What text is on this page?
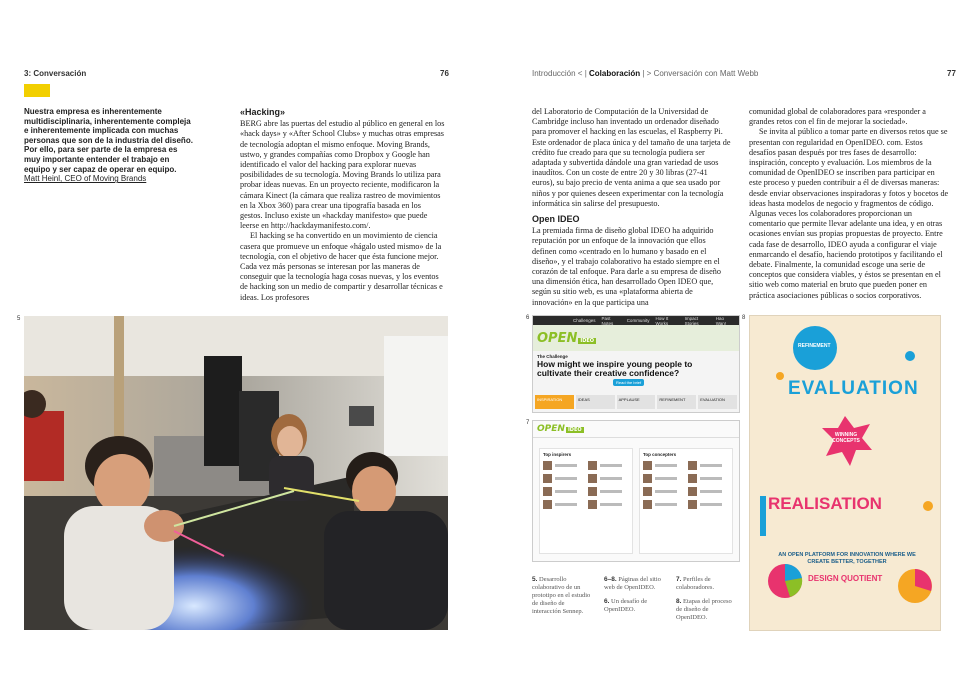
3: Conversación	76
Nuestra empresa es inherentemente multidisciplinaria, inherentemente compleja e inherentemente implicada con muchas personas que son de la industria del diseño. Por ello, para ser parte de la empresa es muy importante entender el trabajo en equipo y ser capaz de operar en equipo.
Matt Heinl, CEO of Moving Brands
«Hacking»

BERG abre las puertas del estudio al público en general en los «hack days» y «After School Clubs» y muchas otras empresas de tecnología adoptan el mismo enfoque. Moving Brands, ustwo, y grandes compañías como Dropbox y Google han identificado el valor del hacking para explorar nuevas posibilidades de su tecnología. Moving Brands lo utiliza para probar ideas nuevas. En un proyecto reciente, modificaron la cámara Kinect (la cámara que realiza rastreo de movimientos en la Xbox 360) para crear una tipografía basada en los gestos. Incluso existe un «hackday manifesto» que puede leerse en http://hackdaymanifesto.com/.

El hacking se ha convertido en un movimiento de ciencia casera que promueve un enfoque «hágalo usted mismo» de la tecnología, con el objetivo de hacer que ésta funcione mejor. Cada vez más personas se interesan por las maneras de conseguir que la tecnología haga cosas nuevas, y los eventos de hacking son un medio de compartir y desarrollar técnicas e ideas. Los profesores

5
Introducción < | Colaboración | > Conversación con Matt Webb	77

del Laboratorio de Computación de la Universidad de Cambridge incluso han inventado un ordenador diseñado para promover el hacking en las escuelas, el Raspberry Pi. Este ordenador de placa única y del tamaño de una tarjeta de crédito fue creado para que su tecnología pudiera ser adaptada y subvertida dándole una gran variedad de usos inaudítos. Con un coste de entre 20 y 30 libras (27-41 euros), su bajo precio de venta anima a que sea usado por niños y por quienes deseen experimentar con la tecnología informática sin salirse del presupuesto.

Open IDEO

La premiada firma de diseño global IDEO ha adquirido reputación por un enfoque de la innovación que ellos definen como «centrado en lo humano y basado en el diseño», y el trabajo colaborativo ha estado siempre en el corazón de tal enfoque. Para darle a su empresa de diseño una dimensión ética, han desarrollado Open IDEO que, según su sitio web, es una «plataforma abierta de innovación» en la que participa una

comunidad global de colaboradores para «responder a grandes retos con el fin de mejorar la sociedad».

Se invita al público a tomar parte en diversos retos que se presentan con regularidad en OpenIDEO. com. Estos desafíos pasan después por tres fases de desarrollo: inspiración, concepto y evaluación. Los miembros de la comunidad de OpenIDEO se inscriben para participar en este proceso y pueden contribuir a él de diversas maneras: desde enviar observaciones inspiradoras y fotos y bocetos de ideas hasta modelos de negocio y fragmentos de código. Algunas veces los colaboradores proporcionan un comentario que permite llevar adelante una idea, y en otras ocasiones envían sus propias propuestas de proyecto. Entre cada fase de desarrollo, IDEO ayuda a configurar el viaje enmarcando el desafío, haciendo prototipos y facilitando el debate. Finalmente, la comunidad escoge una serie de conceptos que considera viables, y éstos se presentan en el sitio web como material en bruto que pueden poner en práctica asociaciones públicas o socios corporativos.

6	Challenges Past Notes	Community How It Works
Impact Stories
Hao Wan!
OPEN IDEO
The Challenge
How might we inspire young people to cultivate their creative confidence?
Read the brief
INSPIRATION	IDEAS	APPLAUSE	REFINEMENT	EVALUATION
7
OPEN IDEO
Top inspirers	Top concepters
8
REFINEMENT
EVALUATION
WINNING CONCEPTS
REALISATION
AN OPEN PLATFORM FOR INNOVATION WHERE WE CREATE BETTER, TOGETHER
DESIGN QUOTIENT
5. Desarrollo colaborativo de un prototipo en el estudio de diseño de interacción Sennep.
6–8. Páginas del sitio web de OpenIDEO.
6. Un desafío de OpenIDEO.
7. Perfiles de colaboradores.
8. Etapas del proceso de diseño de OpenIDEO.
